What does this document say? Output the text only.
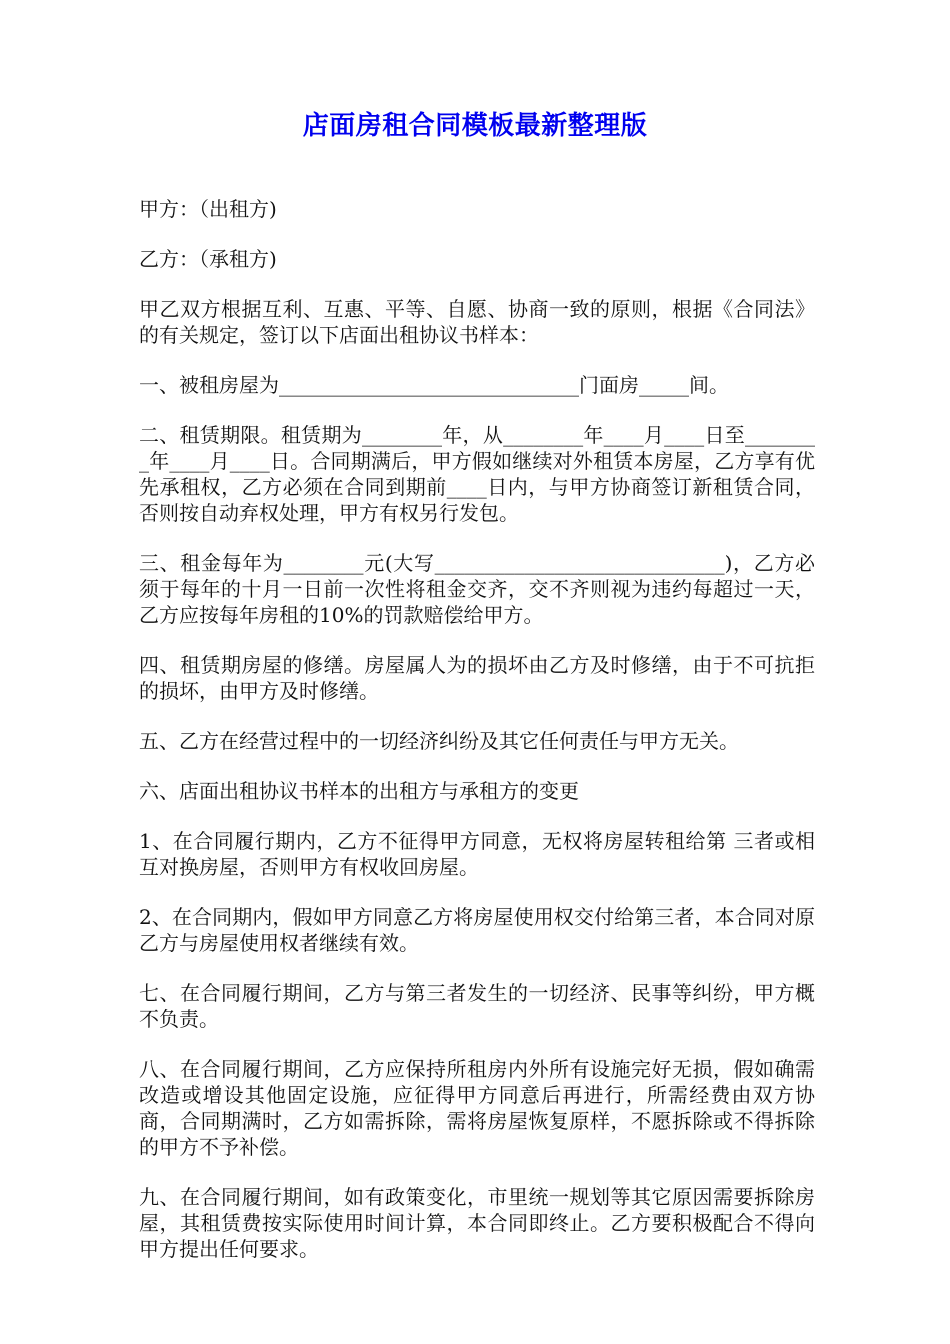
店面房租合同模板最新整理版

甲方：（出租方)

乙方：（承租方)

甲乙双方根据互利、互惠、平等、自愿、协商一致的原则，根据《合同法》的有关规定，签订以下店面出租协议书样本：

一、被租房屋为______________________________门面房_____间。

二、租赁期限。租赁期为________年，从________年____月____日至________年____月____日。合同期满后，甲方假如继续对外租赁本房屋，乙方享有优先承租权，乙方必须在合同到期前____日内，与甲方协商签订新租赁合同，否则按自动弃权处理，甲方有权另行发包。

三、租金每年为________元(大写_____________________________)，乙方必须于每年的十月一日前一次性将租金交齐，交不齐则视为违约每超过一天，乙方应按每年房租的10%的罚款赔偿给甲方。

四、租赁期房屋的修缮。房屋属人为的损坏由乙方及时修缮，由于不可抗拒的损坏，由甲方及时修缮。

五、乙方在经营过程中的一切经济纠纷及其它任何责任与甲方无关。

六、店面出租协议书样本的出租方与承租方的变更

1、在合同履行期内，乙方不征得甲方同意，无权将房屋转租给第 三者或相互对换房屋，否则甲方有权收回房屋。

2、在合同期内，假如甲方同意乙方将房屋使用权交付给第三者，本合同对原乙方与房屋使用权者继续有效。

七、在合同履行期间，乙方与第三者发生的一切经济、民事等纠纷，甲方概不负责。

八、在合同履行期间，乙方应保持所租房内外所有设施完好无损，假如确需改造或增设其他固定设施，应征得甲方同意后再进行，所需经费由双方协商，合同期满时，乙方如需拆除，需将房屋恢复原样，不愿拆除或不得拆除的甲方不予补偿。

九、在合同履行期间，如有政策变化，市里统一规划等其它原因需要拆除房屋，其租赁费按实际使用时间计算，本合同即终止。乙方要积极配合不得向甲方提出任何要求。
